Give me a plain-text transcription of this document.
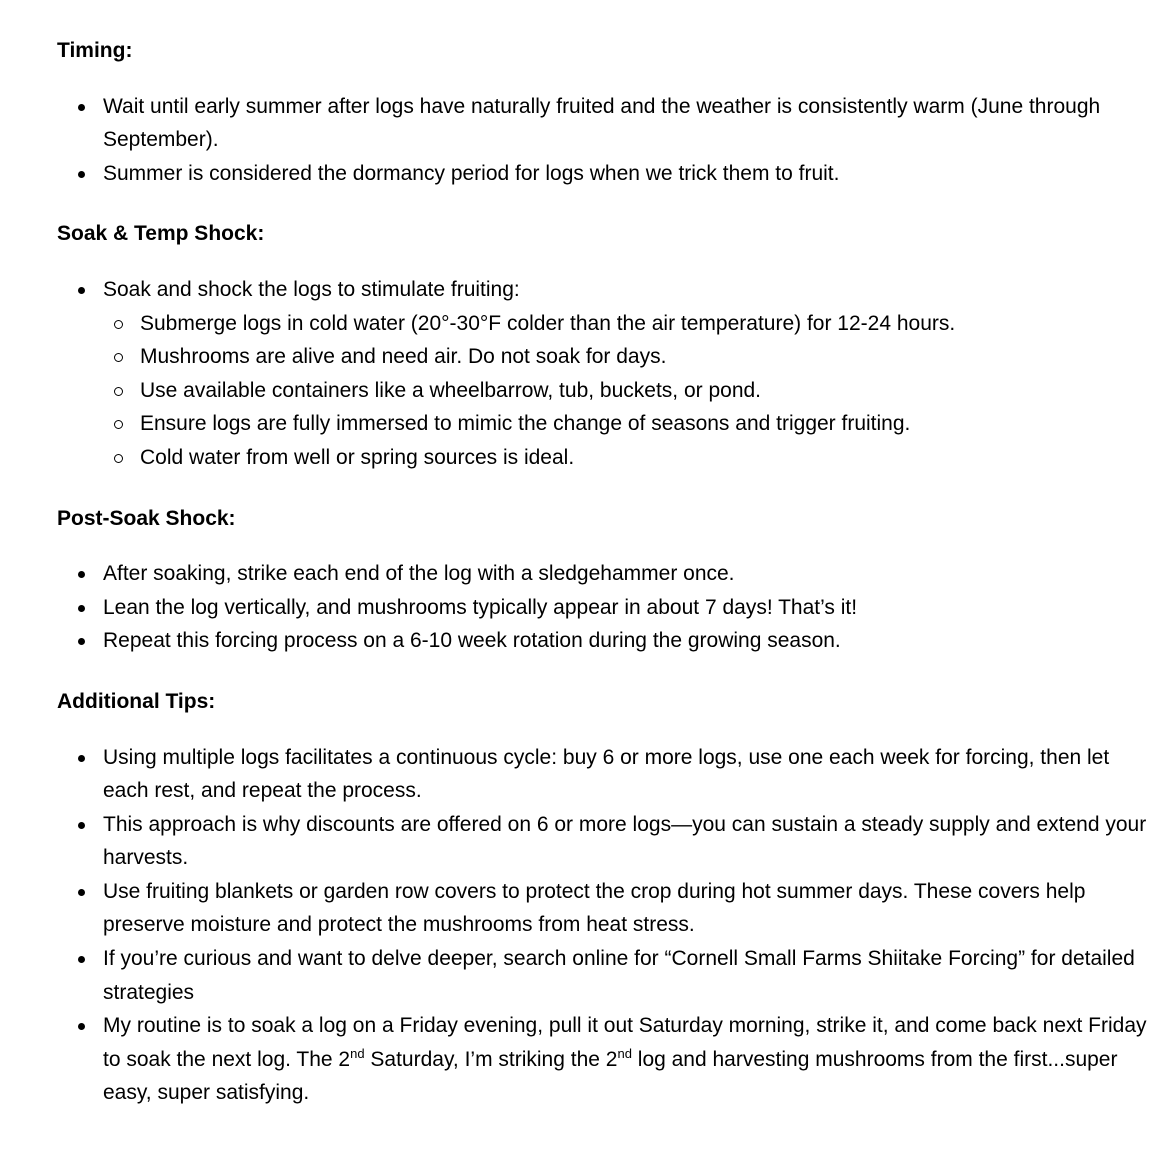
Timing:
Wait until early summer after logs have naturally fruited and the weather is consistently warm (June through September).
Summer is considered the dormancy period for logs when we trick them to fruit.
Soak & Temp Shock:
Soak and shock the logs to stimulate fruiting:
Submerge logs in cold water (20°-30°F colder than the air temperature) for 12-24 hours.
Mushrooms are alive and need air. Do not soak for days.
Use available containers like a wheelbarrow, tub, buckets, or pond.
Ensure logs are fully immersed to mimic the change of seasons and trigger fruiting.
Cold water from well or spring sources is ideal.
Post-Soak Shock:
After soaking, strike each end of the log with a sledgehammer once.
Lean the log vertically, and mushrooms typically appear in about 7 days! That’s it!
Repeat this forcing process on a 6-10 week rotation during the growing season.
Additional Tips:
Using multiple logs facilitates a continuous cycle: buy 6 or more logs, use one each week for forcing, then let each rest, and repeat the process.
This approach is why discounts are offered on 6 or more logs—you can sustain a steady supply and extend your harvests.
Use fruiting blankets or garden row covers to protect the crop during hot summer days. These covers help preserve moisture and protect the mushrooms from heat stress.
If you’re curious and want to delve deeper, search online for “Cornell Small Farms Shiitake Forcing” for detailed strategies
My routine is to soak a log on a Friday evening, pull it out Saturday morning, strike it, and come back next Friday to soak the next log. The 2nd Saturday, I’m striking the 2nd log and harvesting mushrooms from the first...super easy, super satisfying.
